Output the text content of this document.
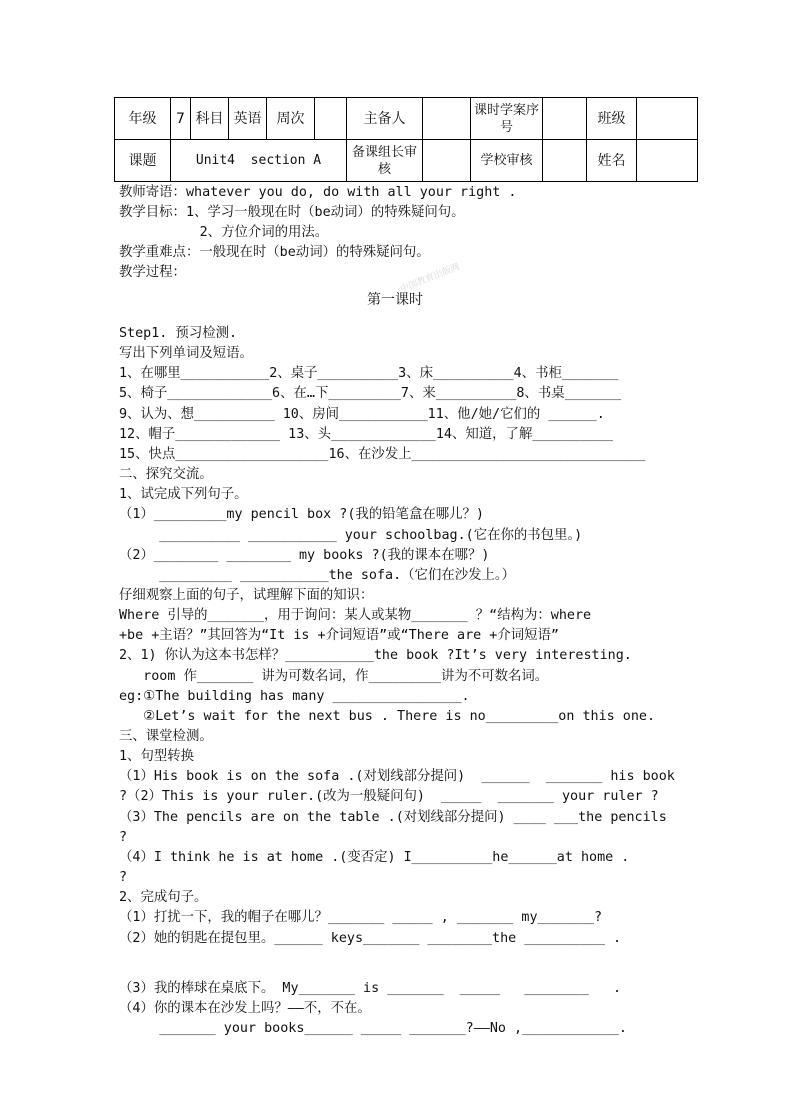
年级	7	科目	英语	周次		主备人		课时学案序号		班级	
课题	Unit4  section A					备课组长审核		学校审核		姓名	
教师寄语：whatever you do, do with all your right .
教学目标：1、学习一般现在时（be动词）的特殊疑问句。
2、方位介词的用法。
教学重难点：一般现在时（be动词）的特殊疑问句。
教学过程：
第一课时
中国教育出版网
Step1. 预习检测.
写出下列单词及短语。
1、在哪里___________2、桌子__________3、床__________4、书柜_______
5、椅子_____________6、在…下_________7、来__________8、书桌_______
9、认为、想__________ 10、房间___________11、他/她/它们的 ______.
12、帽子_____________ 13、头_____________14、知道，了解__________
15、快点___________________16、在沙发上_____________________________
二、探究交流。
1、试完成下列句子。
（1）_________my pencil box ?(我的铅笔盒在哪儿？)
__________ ___________ your schoolbag.(它在你的书包里。)
（2）________ ________ my books ?(我的课本在哪？)
_________ ___________the sofa.（它们在沙发上。）
仔细观察上面的句子，试理解下面的知识：
Where 引导的_______，用于询问：某人或某物_______ ？“结构为：where
+be +主语？”其回答为“It is +介词短语”或“There are +介词短语”
2、1) 你认为这本书怎样？___________the book ?It’s very interesting.
room 作_______ 讲为可数名词，作_________讲为不可数名词。
eg:①The building has many ________________.
②Let’s wait for the next bus . There is no_________on this one.
三、课堂检测。
1、句型转换
（1）His book is on the sofa .(对划线部分提问)  ______  _______ his book
?（2）This is your ruler.(改为一般疑问句)  _____  _______ your ruler ?
（3）The pencils are on the table .(对划线部分提问) ____ ___the pencils
?
（4）I think he is at home .(变否定) I__________he______at home .
?
2、完成句子。
（1）打扰一下，我的帽子在哪儿？_______ _____ , _______ my_______?
（2）她的钥匙在提包里。______ keys_______ ________the __________ .
（3）我的棒球在桌底下。 My_______ is _______  _____   ________   .
（4）你的课本在沙发上吗？——不，不在。
_______ your books______ _____ _______?——No ,____________.
